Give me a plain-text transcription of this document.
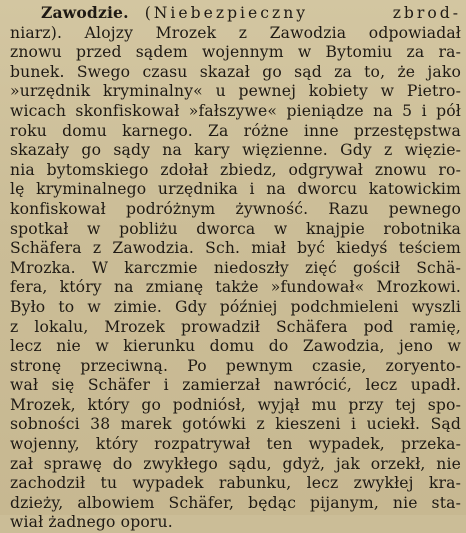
Zawodzie. (Niebezpieczny zbrod-
niarz). Alojzy Mrozek z Zawodzia odpowiadał
znowu przed sądem wojennym w Bytomiu za ra-
bunek. Swego czasu skazał go sąd za to, że jako
»urzędnik kryminalny« u pewnej kobiety w Pietro-
wicach skonfiskował »fałszywe« pieniądze na 5 i pół
roku domu karnego. Za różne inne przestępstwa
skazały go sądy na kary więzienne. Gdy z więzie-
nia bytomskiego zdołał zbiedz, odgrywał znowu ro-
lę kryminalnego urzędnika i na dworcu katowickim
konfiskował podróżnym żywność. Razu pewnego
spotkał w pobliżu dworca w knajpie robotnika
Schäfera z Zawodzia. Sch. miał być kiedyś teściem
Mrozka. W karczmie niedoszły zięć gościł Schä-
fera, który na zmianę także »fundował« Mrozkowi.
Było to w zimie. Gdy później podchmieleni wyszli
z lokalu, Mrozek prowadził Schäfera pod ramię,
lecz nie w kierunku domu do Zawodzia, jeno w
stronę przeciwną. Po pewnym czasie, zoryento-
wał się Schäfer i zamierzał nawrócić, lecz upadł.
Mrozek, który go podniósł, wyjął mu przy tej spo-
sobności 38 marek gotówki z kieszeni i uciekł. Sąd
wojenny, który rozpatrywał ten wypadek, przeka-
zał sprawę do zwykłego sądu, gdyż, jak orzekł, nie
zachodził tu wypadek rabunku, lecz zwykłej kra-
dzieży, albowiem Schäfer, będąc pijanym, nie sta-
wiał żadnego oporu.
